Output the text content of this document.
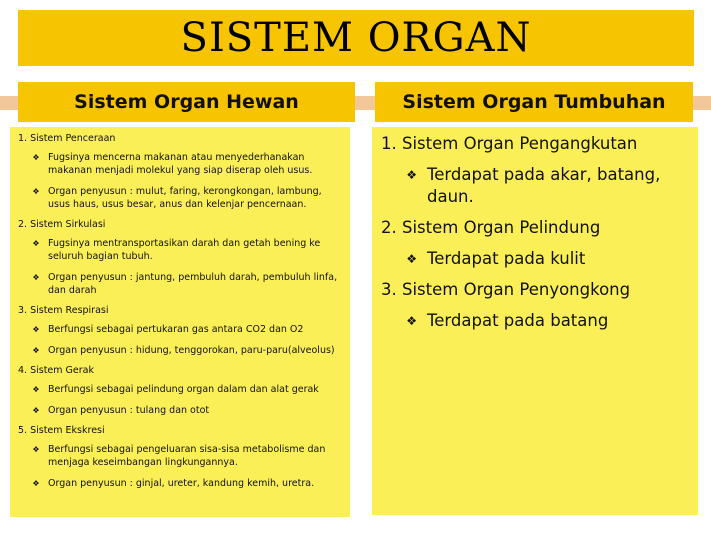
SISTEM ORGAN
Sistem Organ Hewan	Sistem Organ Tumbuhan
1. Sistem Penceraan
❖ Fugsinya mencerna makanan atau menyederhanakan makanan menjadi molekul yang siap diserap oleh usus.
❖ Organ penyusun : mulut, faring, kerongkongan, lambung, usus haus, usus besar, anus dan kelenjar pencernaan.
2. Sistem Sirkulasi
❖ Fugsinya mentransportasikan darah dan getah bening ke seluruh bagian tubuh.
❖ Organ penyusun : jantung, pembuluh darah, pembuluh linfa, dan darah
3. Sistem Respirasi
❖ Berfungsi sebagai pertukaran gas antara CO2 dan O2
❖ Organ penyusun : hidung, tenggorokan, paru-paru(alveolus)
4. Sistem Gerak
❖ Berfungsi sebagai pelindung organ dalam dan alat gerak
❖ Organ penyusun : tulang dan otot
5. Sistem Ekskresi
❖ Berfungsi sebagai pengeluaran sisa-sisa metabolisme dan menjaga keseimbangan lingkungannya.
❖ Organ penyusun : ginjal, ureter, kandung kemih, uretra.
1. Sistem Organ Pengangkutan
❖ Terdapat pada akar, batang, daun.
2. Sistem Organ Pelindung
❖ Terdapat pada kulit
3. Sistem Organ Penyongkong
❖ Terdapat pada batang
